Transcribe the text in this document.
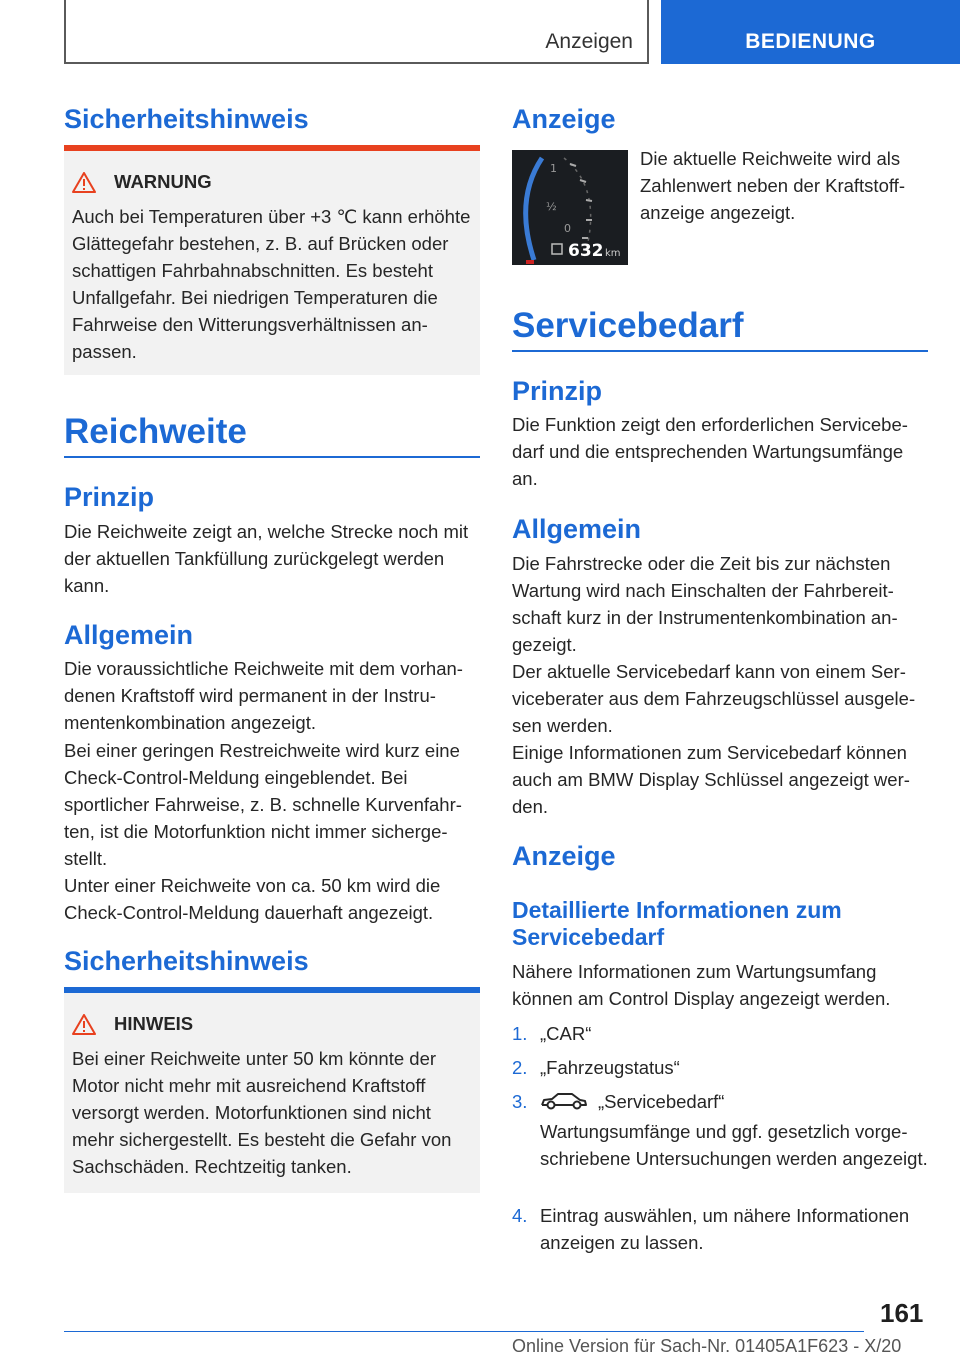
Anzeigen	BEDIENUNG
Sicherheitshinweis
WARNUNG
Auch bei Temperaturen über +3 ℃ kann erhöhte Glättegefahr bestehen, z. B. auf Brücken oder schattigen Fahrbahnabschnitten. Es besteht Unfallgefahr. Bei niedrigen Temperaturen die Fahrweise den Witterungsverhältnissen anpassen.
Reichweite
Prinzip
Die Reichweite zeigt an, welche Strecke noch mit der aktuellen Tankfüllung zurückgelegt werden kann.
Allgemein
Die voraussichtliche Reichweite mit dem vorhandenen Kraftstoff wird permanent in der Instrumentenkombination angezeigt.
Bei einer geringen Restreichweite wird kurz eine Check-Control-Meldung eingeblendet. Bei sportlicher Fahrweise, z. B. schnelle Kurvenfahrten, ist die Motorfunktion nicht immer sichergestellt.
Unter einer Reichweite von ca. 50 km wird die Check-Control-Meldung dauerhaft angezeigt.
Sicherheitshinweis
HINWEIS
Bei einer Reichweite unter 50 km könnte der Motor nicht mehr mit ausreichend Kraftstoff versorgt werden. Motorfunktionen sind nicht mehr sichergestellt. Es besteht die Gefahr von Sachschäden. Rechtzeitig tanken.
Anzeige
1
½
0
632 km
Die aktuelle Reichweite wird als Zahlenwert neben der Kraftstoffanzeige angezeigt.
Servicebedarf
Prinzip
Die Funktion zeigt den erforderlichen Servicebedarf und die entsprechenden Wartungsumfänge an.
Allgemein
Die Fahrstrecke oder die Zeit bis zur nächsten Wartung wird nach Einschalten der Fahrbereitschaft kurz in der Instrumentenkombination angezeigt.
Der aktuelle Servicebedarf kann von einem Serviceberater aus dem Fahrzeugschlüssel ausgelesen werden.
Einige Informationen zum Servicebedarf können auch am BMW Display Schlüssel angezeigt werden.
Anzeige
Detaillierte Informationen zum Servicebedarf
Nähere Informationen zum Wartungsumfang können am Control Display angezeigt werden.
1. „CAR“
2. „Fahrzeugstatus“
3.	„Servicebedarf“
Wartungsumfänge und ggf. gesetzlich vorgeschriebene Untersuchungen werden angezeigt.
4. Eintrag auswählen, um nähere Informationen anzeigen zu lassen.
161
Online Version für Sach-Nr. 01405A1F623 - X/20
